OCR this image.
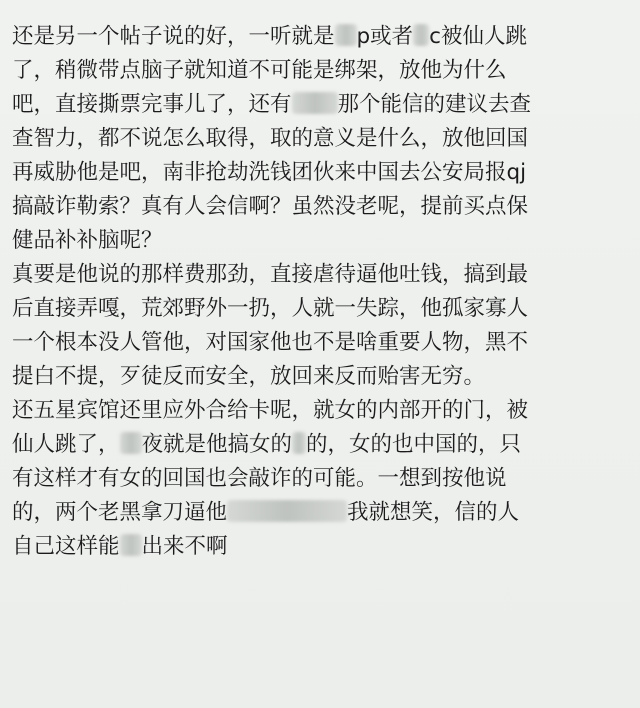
还是另一个帖子说的好，一听就是 p或者 c被仙人跳
了，稍微带点脑子就知道不可能是绑架，放他为什么
吧，直接撕票完事儿了，还有 那个能信的建议去查
查智力，都不说怎么取得，取的意义是什么，放他回国
再威胁他是吧，南非抢劫洗钱团伙来中国去公安局报qj
搞敲诈勒索？真有人会信啊？虽然没老呢，提前买点保
健品补补脑呢？
真要是他说的那样费那劲，直接虐待逼他吐钱，搞到最
后直接弄嘎，荒郊野外一扔，人就一失踪，他孤家寡人
一个根本没人管他，对国家他也不是啥重要人物，黑不
提白不提，歹徒反而安全，放回来反而贻害无穷。
还五星宾馆还里应外合给卡呢，就女的内部开的门，被
仙人跳了， 夜就是他搞女的 的，女的也中国的，只
有这样才有女的回国也会敲诈的可能。一想到按他说
的，两个老黑拿刀逼他	我就想笑，信的人
自己这样能 出来不啊
